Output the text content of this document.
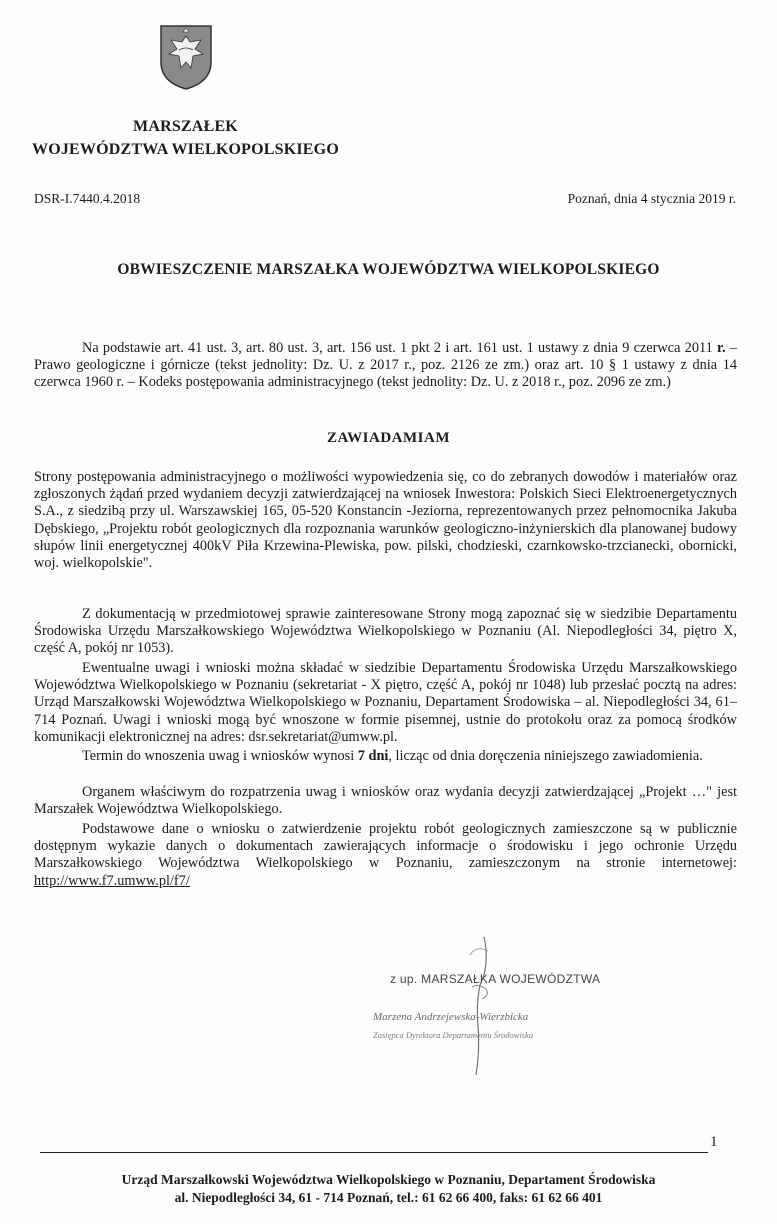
MARSZAŁEK
WOJEWÓDZTWA WIELKOPOLSKIEGO
DSR-I.7440.4.2018	Poznań, dnia 4 stycznia 2019 r.
OBWIESZCZENIE MARSZAŁKA WOJEWÓDZTWA WIELKOPOLSKIEGO
Na podstawie art. 41 ust. 3, art. 80 ust. 3, art. 156 ust. 1 pkt 2 i art. 161 ust. 1 ustawy z dnia 9 czerwca 2011 r. – Prawo geologiczne i górnicze (tekst jednolity: Dz. U. z 2017 r., poz. 2126 ze zm.) oraz art. 10 § 1 ustawy z dnia 14 czerwca 1960 r. – Kodeks postępowania administracyjnego (tekst jednolity: Dz. U. z 2018 r., poz. 2096 ze zm.)
ZAWIADAMIAM
Strony postępowania administracyjnego o możliwości wypowiedzenia się, co do zebranych dowodów i materiałów oraz zgłoszonych żądań przed wydaniem decyzji zatwierdzającej na wniosek Inwestora: Polskich Sieci Elektroenergetycznych S.A., z siedzibą przy ul. Warszawskiej 165, 05-520 Konstancin -Jeziorna, reprezentowanych przez pełnomocnika Jakuba Dębskiego, „Projektu robót geologicznych dla rozpoznania warunków geologiczno-inżynierskich dla planowanej budowy słupów linii energetycznej 400kV Piła Krzewina-Plewiska, pow. pilski, chodzieski, czarnkowsko-trzcianecki, obornicki, woj. wielkopolskie".
Z dokumentacją w przedmiotowej sprawie zainteresowane Strony mogą zapoznać się w siedzibie Departamentu Środowiska Urzędu Marszałkowskiego Województwa Wielkopolskiego w Poznaniu (Al. Niepodległości 34, piętro X, część A, pokój nr 1053).
Ewentualne uwagi i wnioski można składać w siedzibie Departamentu Środowiska Urzędu Marszałkowskiego Województwa Wielkopolskiego w Poznaniu (sekretariat - X piętro, część A, pokój nr 1048) lub przesłać pocztą na adres: Urząd Marszałkowski Województwa Wielkopolskiego w Poznaniu, Departament Środowiska – al. Niepodległości 34, 61–714 Poznań. Uwagi i wnioski mogą być wnoszone w formie pisemnej, ustnie do protokołu oraz za pomocą środków komunikacji elektronicznej na adres: dsr.sekretariat@umww.pl.
Termin do wnoszenia uwag i wniosków wynosi 7 dni, licząc od dnia doręczenia niniejszego zawiadomienia.
Organem właściwym do rozpatrzenia uwag i wniosków oraz wydania decyzji zatwierdzającej „Projekt …" jest Marszałek Województwa Wielkopolskiego.
Podstawowe dane o wniosku o zatwierdzenie projektu robót geologicznych zamieszczone są w publicznie dostępnym wykazie danych o dokumentach zawierających informacje o środowisku i jego ochronie Urzędu Marszałkowskiego Województwa Wielkopolskiego w Poznaniu, zamieszczonym na stronie internetowej: http://www.f7.umww.pl/f7/
z up. MARSZAŁKA WOJEWÓDZTWA
Marzena Andrzejewska-Wierzbicka
Zastępca Dyrektora Departamentu Środowiska
1
Urząd Marszałkowski Województwa Wielkopolskiego w Poznaniu, Departament Środowiska
al. Niepodległości 34, 61 - 714 Poznań, tel.: 61 62 66 400, faks: 61 62 66 401
